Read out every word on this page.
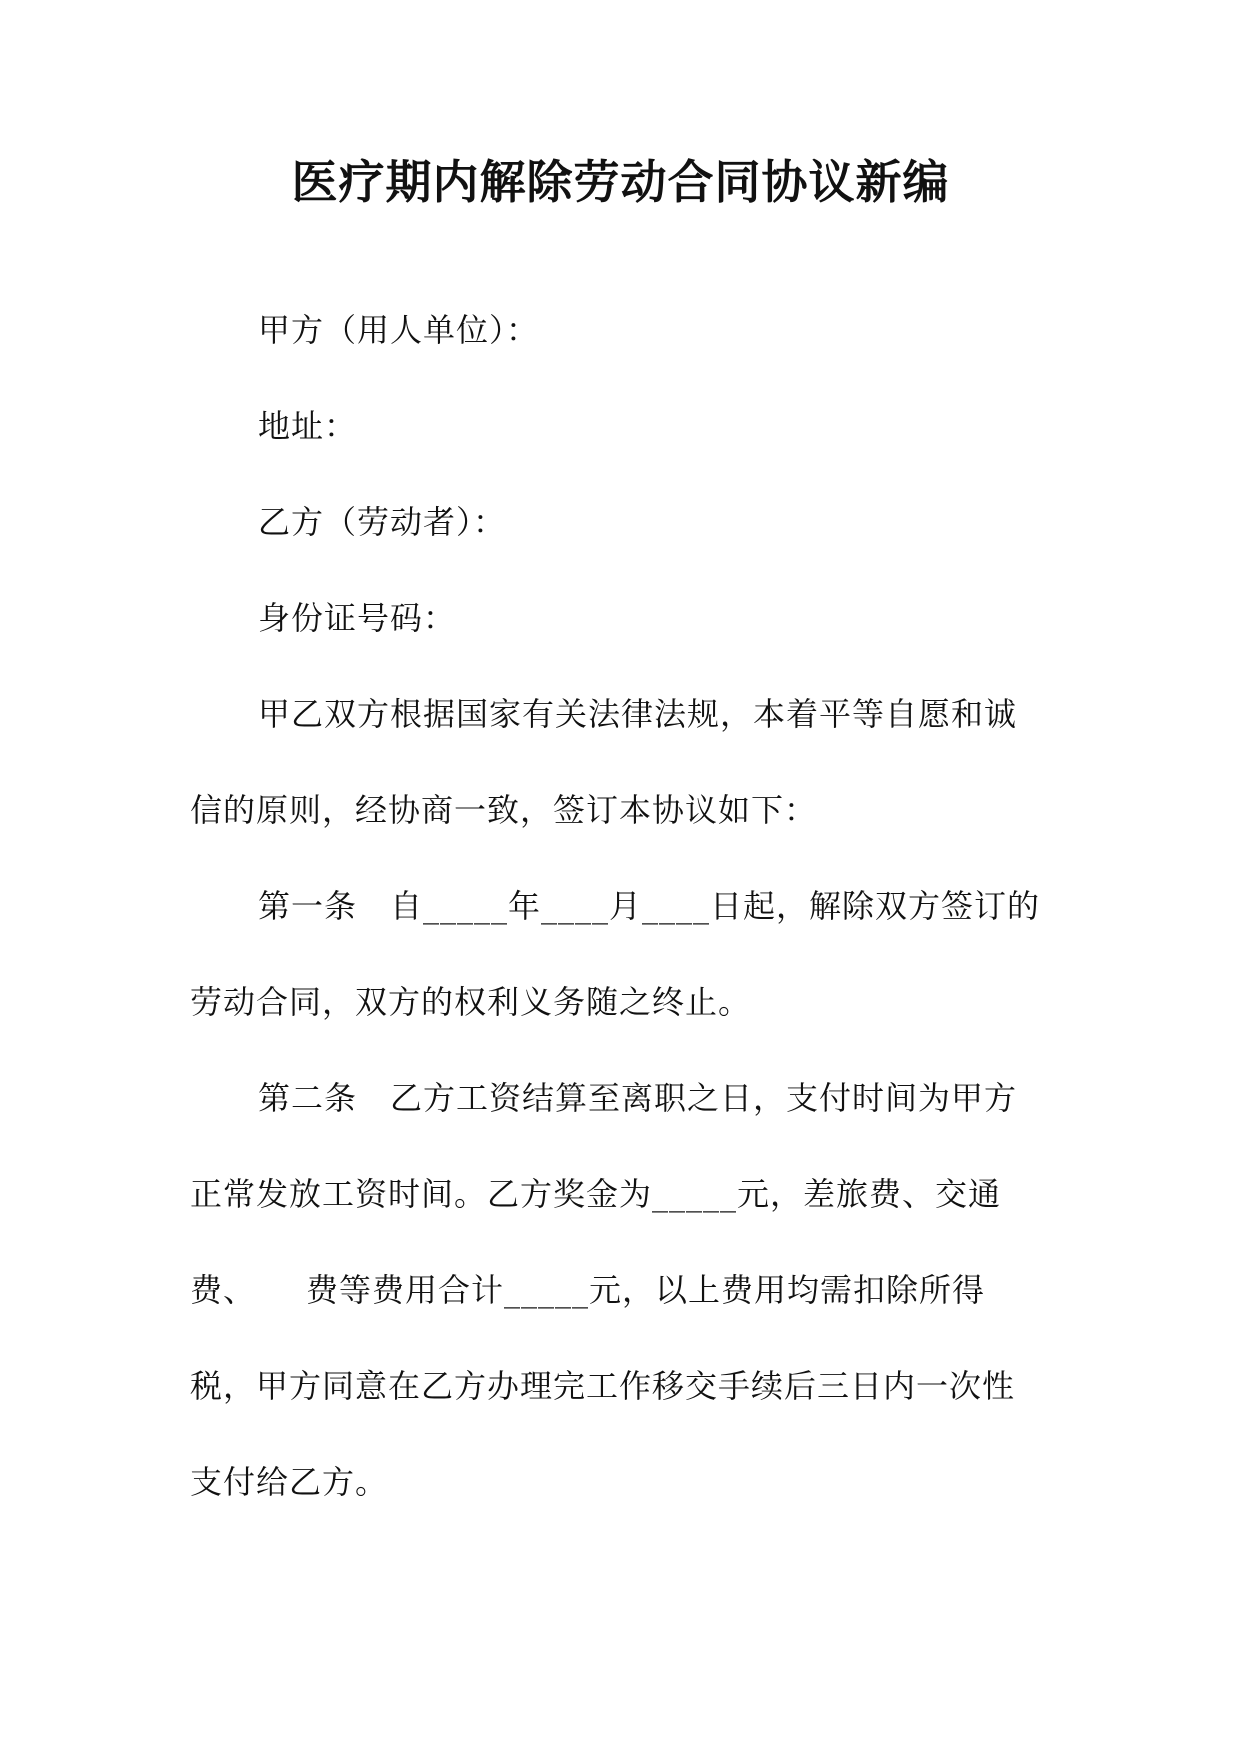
医疗期内解除劳动合同协议新编
甲方（用人单位）：
地址：
乙方（劳动者）：
身份证号码：
甲乙双方根据国家有关法律法规，本着平等自愿和诚
信的原则，经协商一致，签订本协议如下：
第一条　自_____年____月____日起，解除双方签订的
劳动合同，双方的权利义务随之终止。
第二条　乙方工资结算至离职之日，支付时间为甲方
正常发放工资时间。乙方奖金为_____元，差旅费、交通
费、　　费等费用合计_____元，以上费用均需扣除所得
税，甲方同意在乙方办理完工作移交手续后三日内一次性
支付给乙方。
